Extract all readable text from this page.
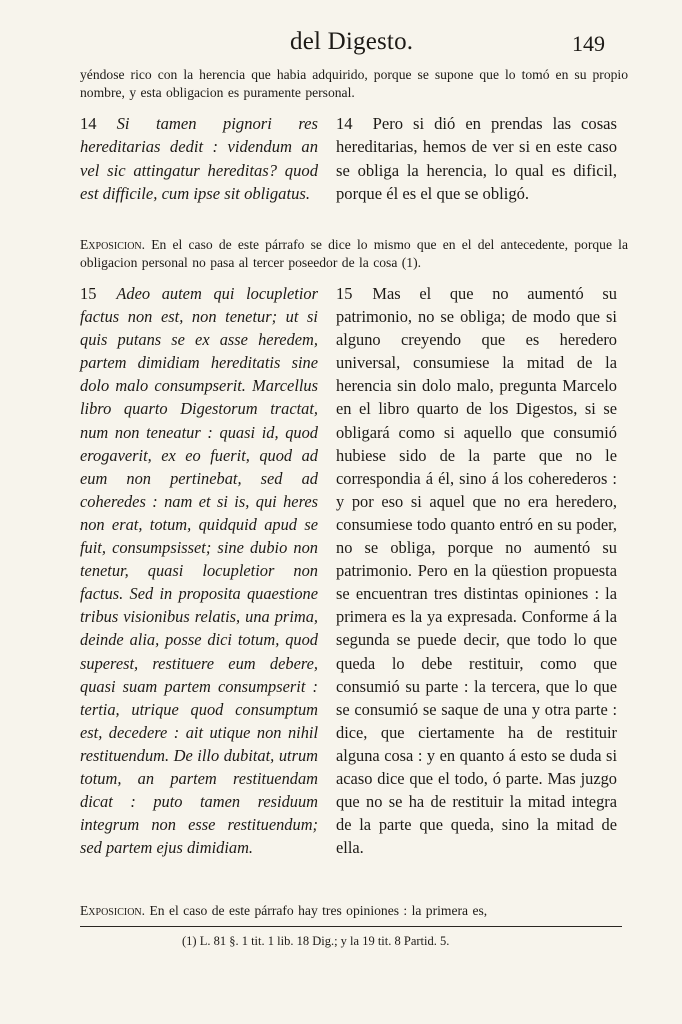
del Digesto.	149
yéndose rico con la herencia que habia adquirido, porque se supone que lo tomó en su propio nombre, y esta obligacion es puramente personal.
14 Si tamen pignori res hereditarias dedit : videndum an vel sic attingatur hereditas? quod est difficile, cum ipse sit obligatus.
14 Pero si dió en prendas las cosas hereditarias, hemos de ver si en este caso se obliga la herencia, lo qual es dificil, porque él es el que se obligó.
Exposicion. En el caso de este párrafo se dice lo mismo que en el del antecedente, porque la obligacion personal no pasa al tercer poseedor de la cosa (1).
15 Adeo autem qui locupletior factus non est, non tenetur; ut si quis putans se ex asse heredem, partem dimidiam hereditatis sine dolo malo consumpserit. Marcellus libro quarto Digestorum tractat, num non teneatur : quasi id, quod erogaverit, ex eo fuerit, quod ad eum non pertinebat, sed ad coheredes : nam et si is, qui heres non erat, totum, quidquid apud se fuit, consumpsisset; sine dubio non tenetur, quasi locupletior non factus. Sed in proposita quaestione tribus visionibus relatis, una prima, deinde alia, posse dici totum, quod superest, restituere eum debere, quasi suam partem consumpserit : tertia, utrique quod consumptum est, decedere : ait utique non nihil restituendum. De illo dubitat, utrum totum, an partem restituendam dicat : puto tamen residuum integrum non esse restituendum; sed partem ejus dimidiam.
15 Mas el que no aumentó su patrimonio, no se obliga; de modo que si alguno creyendo que es heredero universal, consumiese la mitad de la herencia sin dolo malo, pregunta Marcelo en el libro quarto de los Digestos, si se obligará como si aquello que consumió hubiese sido de la parte que no le correspondia á él, sino á los coherederos : y por eso si aquel que no era heredero, consumiese todo quanto entró en su poder, no se obliga, porque no aumentó su patrimonio. Pero en la qüestion propuesta se encuentran tres distintas opiniones : la primera es la ya expresada. Conforme á la segunda se puede decir, que todo lo que queda lo debe restituir, como que consumió su parte : la tercera, que lo que se consumió se saque de una y otra parte : dice, que ciertamente ha de restituir alguna cosa : y en quanto á esto se duda si acaso dice que el todo, ó parte. Mas juzgo que no se ha de restituir la mitad integra de la parte que queda, sino la mitad de ella.
Exposicion. En el caso de este párrafo hay tres opiniones : la primera es,
(1) L. 81 §. 1 tit. 1 lib. 18 Dig.; y la 19 tit. 8 Partid. 5.
